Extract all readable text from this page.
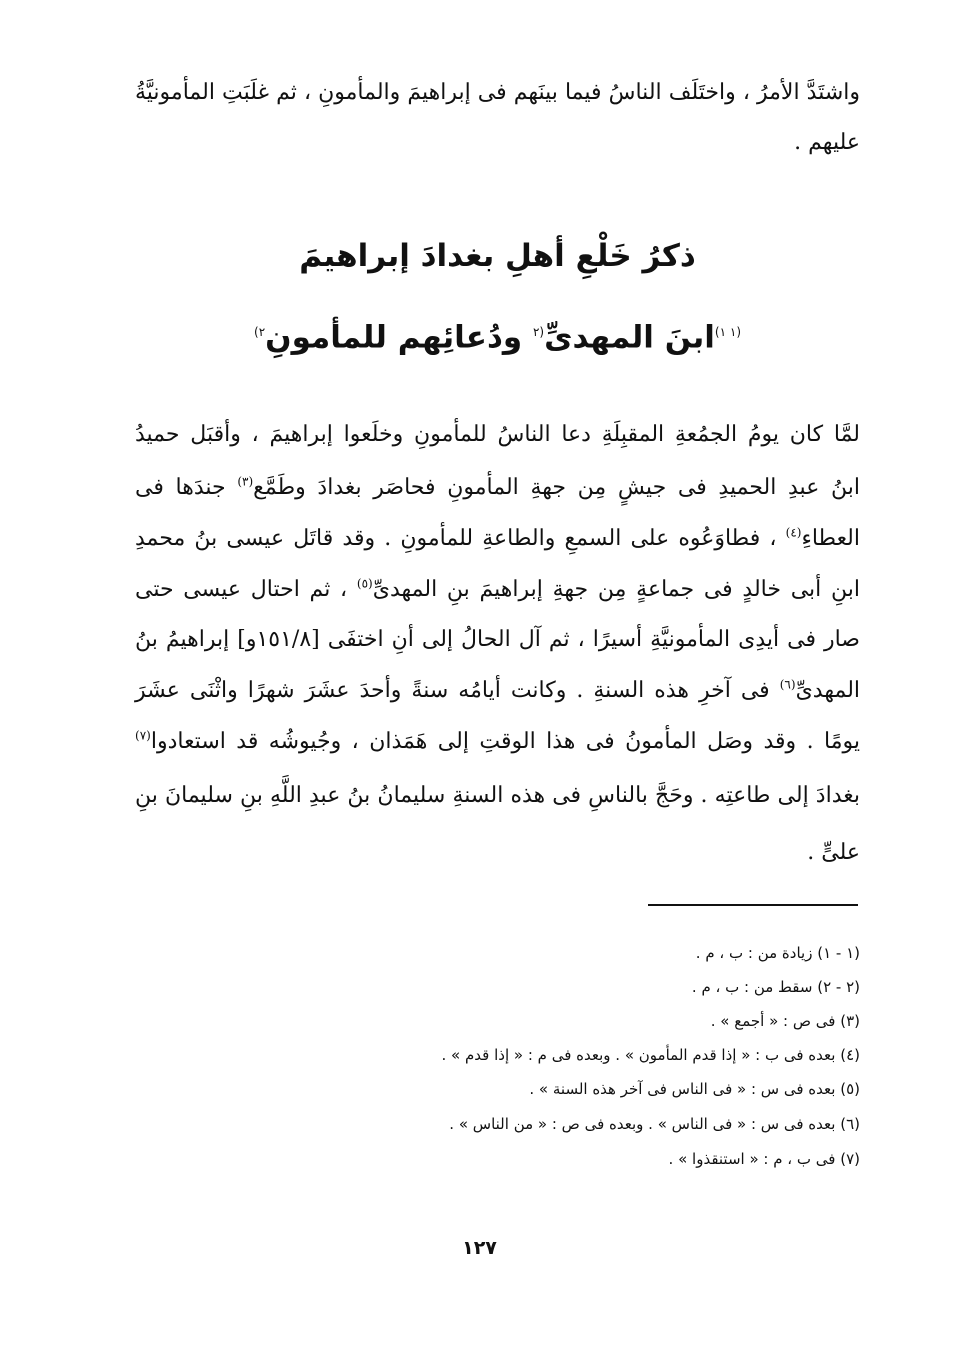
واشتَدَّ الأمرُ ، واختَلَف الناسُ فيما بينَهم فى إبراهيمَ والمأمونِ ، ثم غلَبَتِ المأمونيَّةُ
عليهم .
ذكرُ خَلْعِ أهلِ بغدادَ إبراهيمَ
$^{(١ ١)}$ابنَ المهدىِّ$^{(٢}$ ودُعائِهم للمأمونِ$^{٢)}$
لمَّا كان يومُ الجمُعةِ المقبِلَةِ دعا الناسُ للمأمونِ وخلَعوا إبراهيمَ ، وأقبَل حميدُ
ابنُ عبدِ الحميدِ فى جيشٍ مِن جهةِ المأمونِ فحاصَر بغدادَ وطَمَّع$^{(٣)}$ جندَها فى
العطاءِ$^{(٤)}$ ، فطاوَعُوه على السمعِ والطاعةِ للمأمونِ . وقد قاتَل عيسى بنُ محمدِ
ابنِ أبى خالدٍ فى جماعةٍ مِن جهةِ إبراهيمَ بنِ المهدىِّ$^{(٥)}$ ، ثم احتال عيسى حتى
صار فى أيدِى المأمونيَّةِ أسيرًا ، ثم آل الحالُ إلى أنِ اختفَى [١٥١/٨و] إبراهيمُ بنُ
المهدىِّ$^{(٦)}$ فى آخرِ هذه السنةِ . وكانت أيامُه سنةً وأحدَ عشَرَ شهرًا واثْنَى عشَرَ
يومًا . وقد وصَل المأمونُ فى هذا الوقتِ إلى هَمَذان ، وجُيوشُه قد استعادوا$^{(٧)}$
بغدادَ إلى طاعتِه . وحَجَّ بالناسِ فى هذه السنةِ سليمانُ بنُ عبدِ اللَّهِ بنِ سليمانَ بنِ
علىٍّ .
(١ - ١) زيادة من : ب ، م .
(٢ - ٢) سقط من : ب ، م .
(٣) فى ص : « أجمع » .
(٤) بعده فى ب : « إذا قدم المأمون » . وبعده فى م : « إذا قدم » .
(٥) بعده فى س : « فى الناس فى آخر هذه السنة » .
(٦) بعده فى س : « فى الناس » . وبعده فى ص : « من الناس » .
(٧) فى ب ، م : « استنقذوا » .
١٢٧
